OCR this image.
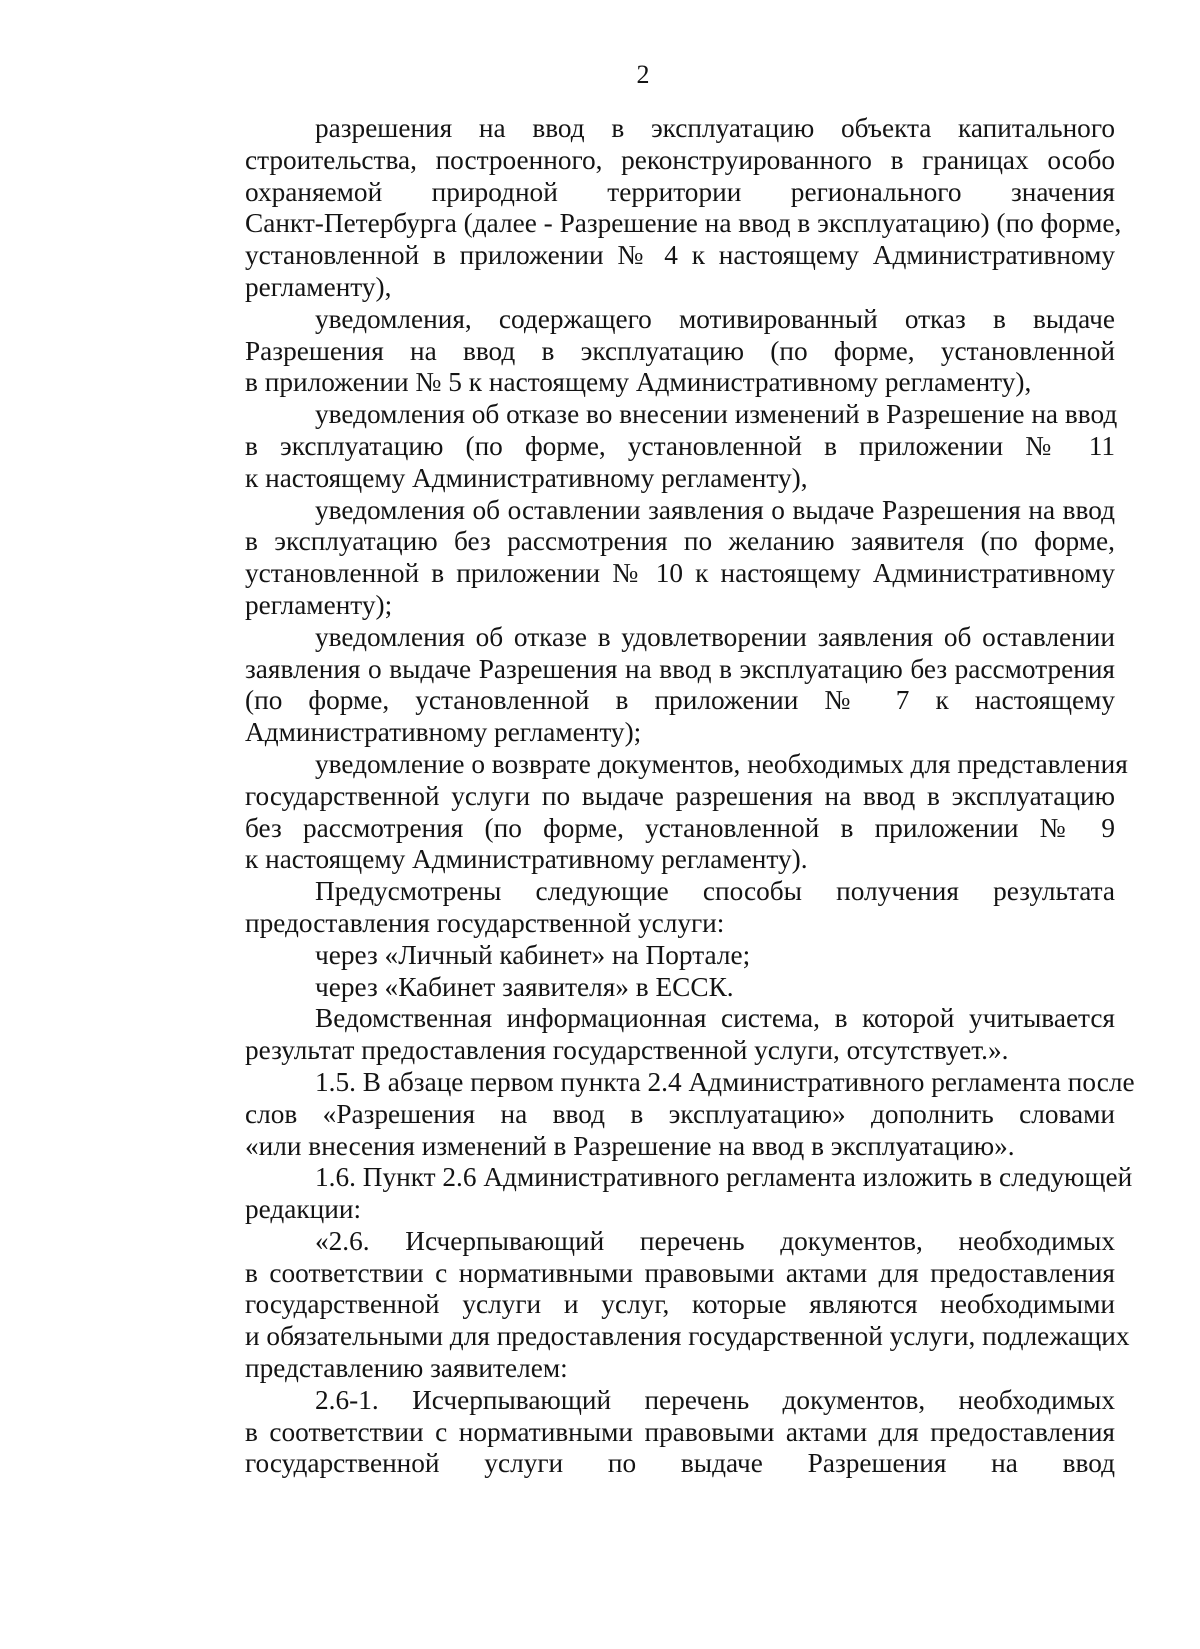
2
разрешения на ввод в эксплуатацию объекта капитального
строительства, построенного, реконструированного в границах особо
охраняемой природной территории регионального значения
Санкт-Петербурга (далее - Разрешение на ввод в эксплуатацию) (по форме,
установленной в приложении № 4 к настоящему Административному
регламенту),
уведомления, содержащего мотивированный отказ в выдаче
Разрешения на ввод в эксплуатацию (по форме, установленной
в приложении № 5 к настоящему Административному регламенту),
уведомления об отказе во внесении изменений в Разрешение на ввод
в эксплуатацию (по форме, установленной в приложении № 11
к настоящему Административному регламенту),
уведомления об оставлении заявления о выдаче Разрешения на ввод
в эксплуатацию без рассмотрения по желанию заявителя (по форме,
установленной в приложении № 10 к настоящему Административному
регламенту);
уведомления об отказе в удовлетворении заявления об оставлении
заявления о выдаче Разрешения на ввод в эксплуатацию без рассмотрения
(по форме, установленной в приложении № 7 к настоящему
Административному регламенту);
уведомление о возврате документов, необходимых для представления
государственной услуги по выдаче разрешения на ввод в эксплуатацию
без рассмотрения (по форме, установленной в приложении № 9
к настоящему Административному регламенту).
Предусмотрены следующие способы получения результата
предоставления государственной услуги:
через «Личный кабинет» на Портале;
через «Кабинет заявителя» в ЕССК.
Ведомственная информационная система, в которой учитывается
результат предоставления государственной услуги, отсутствует.».
1.5. В абзаце первом пункта 2.4 Административного регламента после
слов «Разрешения на ввод в эксплуатацию» дополнить словами
«или внесения изменений в Разрешение на ввод в эксплуатацию».
1.6. Пункт 2.6 Административного регламента изложить в следующей
редакции:
«2.6. Исчерпывающий перечень документов, необходимых
в соответствии с нормативными правовыми актами для предоставления
государственной услуги и услуг, которые являются необходимыми
и обязательными для предоставления государственной услуги, подлежащих
представлению заявителем:
2.6-1. Исчерпывающий перечень документов, необходимых
в соответствии с нормативными правовыми актами для предоставления
государственной услуги по выдаче Разрешения на ввод
